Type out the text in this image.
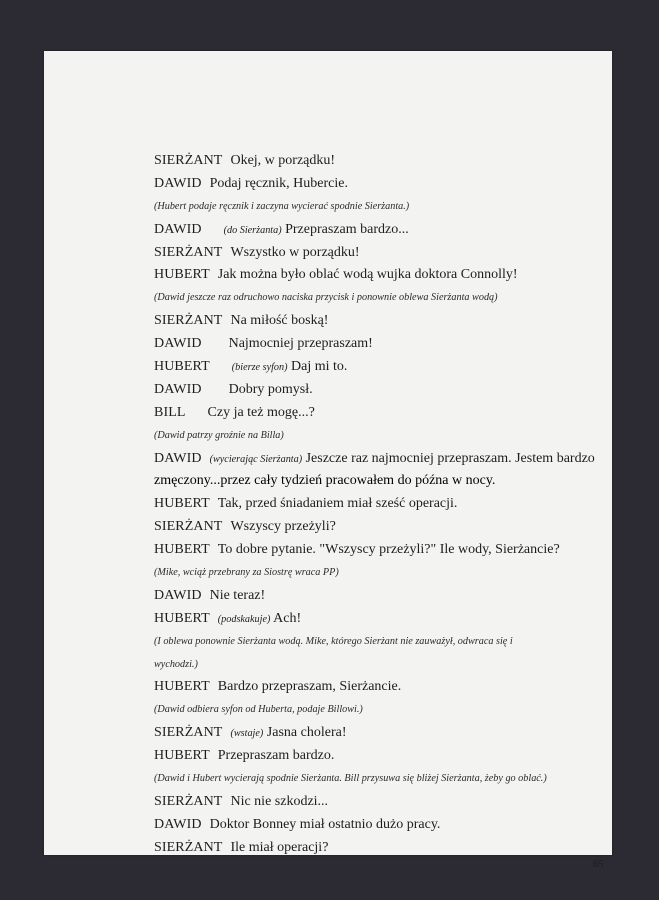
SIERŻANT Okej, w porządku!
DAWID Podaj ręcznik, Hubercie.
(Hubert podaje ręcznik i zaczyna wycierać spodnie Sierżanta.)
DAWID (do Sierżanta) Przepraszam bardzo...
SIERŻANT Wszystko w porządku!
HUBERT Jak można było oblać wodą wujka doktora Connolly!
(Dawid jeszcze raz odruchowo naciska przycisk i ponownie oblewa Sierżanta wodą)
SIERŻANT Na miłość boską!
DAWID Najmocniej przepraszam!
HUBERT (bierze syfon) Daj mi to.
DAWID Dobry pomysł.
BILL Czy ja też mogę...?
(Dawid patrzy groźnie na Billa)
DAWID (wycierając Sierżanta) Jeszcze raz najmocniej przepraszam. Jestem bardzo
zmęczony...przez cały tydzień pracowałem do późna w nocy.
HUBERT Tak, przed śniadaniem miał sześć operacji.
SIERŻANT Wszyscy przeżyli?
HUBERT To dobre pytanie. "Wszyscy przeżyli?" Ile wody, Sierżancie?
(Mike, wciąż przebrany za Siostrę wraca PP)
DAWID Nie teraz!
HUBERT (podskakuje) Ach!
(I oblewa ponownie Sierżanta wodą. Mike, którego Sierżant nie zauważył, odwraca się i
wychodzi.)
HUBERT Bardzo przepraszam, Sierżancie.
(Dawid odbiera syfon od Huberta, podaje Billowi.)
SIERŻANT (wstaje) Jasna cholera!
HUBERT Przepraszam bardzo.
(Dawid i Hubert wycierają spodnie Sierżanta. Bill przysuwa się bliżej Sierżanta, żeby go oblać.)
SIERŻANT Nic nie szkodzi...
DAWID Doktor Bonney miał ostatnio dużo pracy.
SIERŻANT Ile miał operacji?
65
